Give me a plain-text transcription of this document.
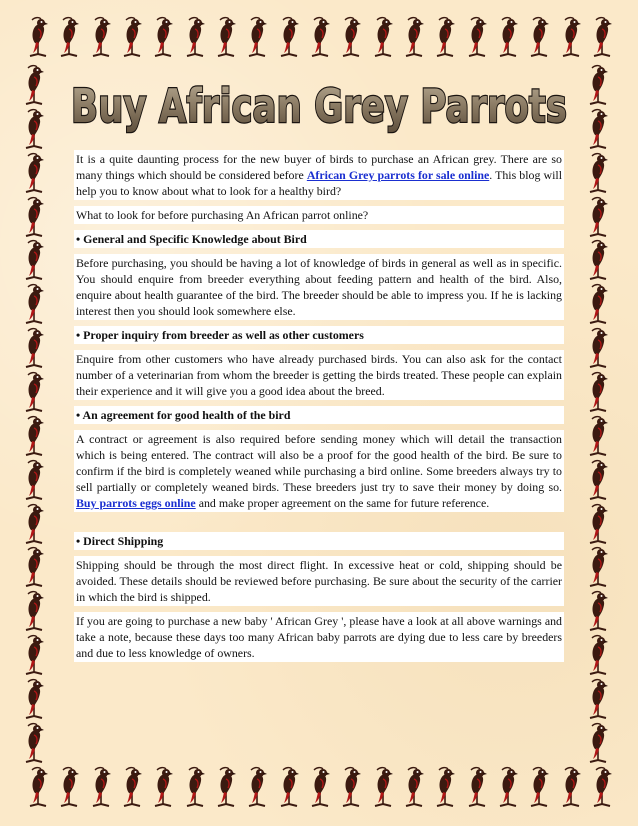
Buy African Grey Parrots

It is a quite daunting process for the new buyer of birds to purchase an African grey. There are so many things which should be considered before African Grey parrots for sale online. This blog will help you to know about what to look for a healthy bird?

What to look for before purchasing An African parrot online?

• General and Specific Knowledge about Bird

Before purchasing, you should be having a lot of knowledge of birds in general as well as in specific. You should enquire from breeder everything about feeding pattern and health of the bird. Also, enquire about health guarantee of the bird. The breeder should be able to impress you. If he is lacking interest then you should look somewhere else.

• Proper inquiry from breeder as well as other customers

Enquire from other customers who have already purchased birds. You can also ask for the contact number of a veterinarian from whom the breeder is getting the birds treated. These people can explain their experience and it will give you a good idea about the breed.

• An agreement for good health of the bird

A contract or agreement is also required before sending money which will detail the transaction which is being entered. The contract will also be a proof for the good health of the bird. Be sure to confirm if the bird is completely weaned while purchasing a bird online. Some breeders always try to sell partially or completely weaned birds. These breeders just try to save their money by doing so. Buy parrots eggs online and make proper agreement on the same for future reference.

• Direct Shipping

Shipping should be through the most direct flight. In excessive heat or cold, shipping should be avoided. These details should be reviewed before purchasing. Be sure about the security of the carrier in which the bird is shipped.

If you are going to purchase a new baby ' African Grey ', please have a look at all above warnings and take a note, because these days too many African baby parrots are dying due to less care by breeders and due to less knowledge of owners.
